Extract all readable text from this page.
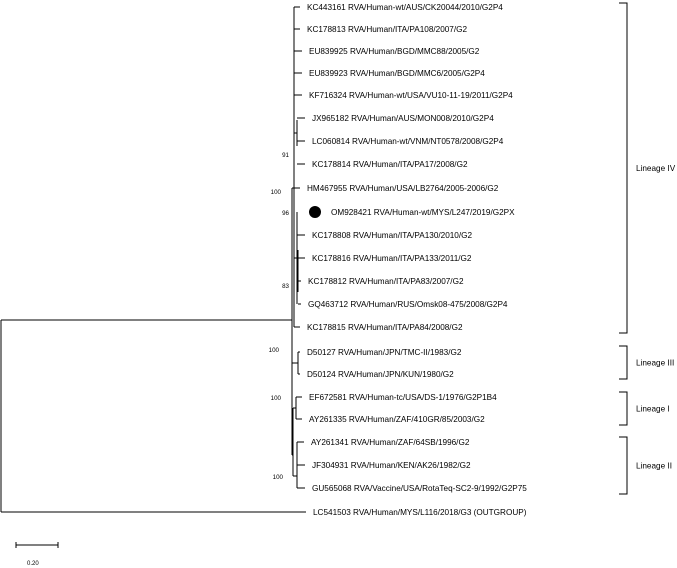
KC443161 RVA/Human-wt/AUS/CK20044/2010/G2P4
KC178813 RVA/Human/ITA/PA108/2007/G2
EU839925 RVA/Human/BGD/MMC88/2005/G2
EU839923 RVA/Human/BGD/MMC6/2005/G2P4
KF716324 RVA/Human-wt/USA/VU10-11-19/2011/G2P4
JX965182 RVA/Human/AUS/MON008/2010/G2P4
LC060814 RVA/Human-wt/VNM/NT0578/2008/G2P4
KC178814 RVA/Human/ITA/PA17/2008/G2
HM467955 RVA/Human/USA/LB2764/2005-2006/G2
OM928421 RVA/Human-wt/MYS/L247/2019/G2PX
KC178808 RVA/Human/ITA/PA130/2010/G2
KC178816 RVA/Human/ITA/PA133/2011/G2
KC178812 RVA/Human/ITA/PA83/2007/G2
GQ463712 RVA/Human/RUS/Omsk08-475/2008/G2P4
KC178815 RVA/Human/ITA/PA84/2008/G2
D50127 RVA/Human/JPN/TMC-II/1983/G2
D50124 RVA/Human/JPN/KUN/1980/G2
EF672581 RVA/Human-tc/USA/DS-1/1976/G2P1B4
AY261335 RVA/Human/ZAF/410GR/85/2003/G2
AY261341 RVA/Human/ZAF/64SB/1996/G2
JF304931 RVA/Human/KEN/AK26/1982/G2
GU565068 RVA/Vaccine/USA/RotaTeq-SC2-9/1992/G2P75
LC541503 RVA/Human/MYS/L116/2018/G3 (OUTGROUP)
91
100
96
83
100
100
100
Lineage IV
Lineage III
Lineage I
Lineage II
0.20
